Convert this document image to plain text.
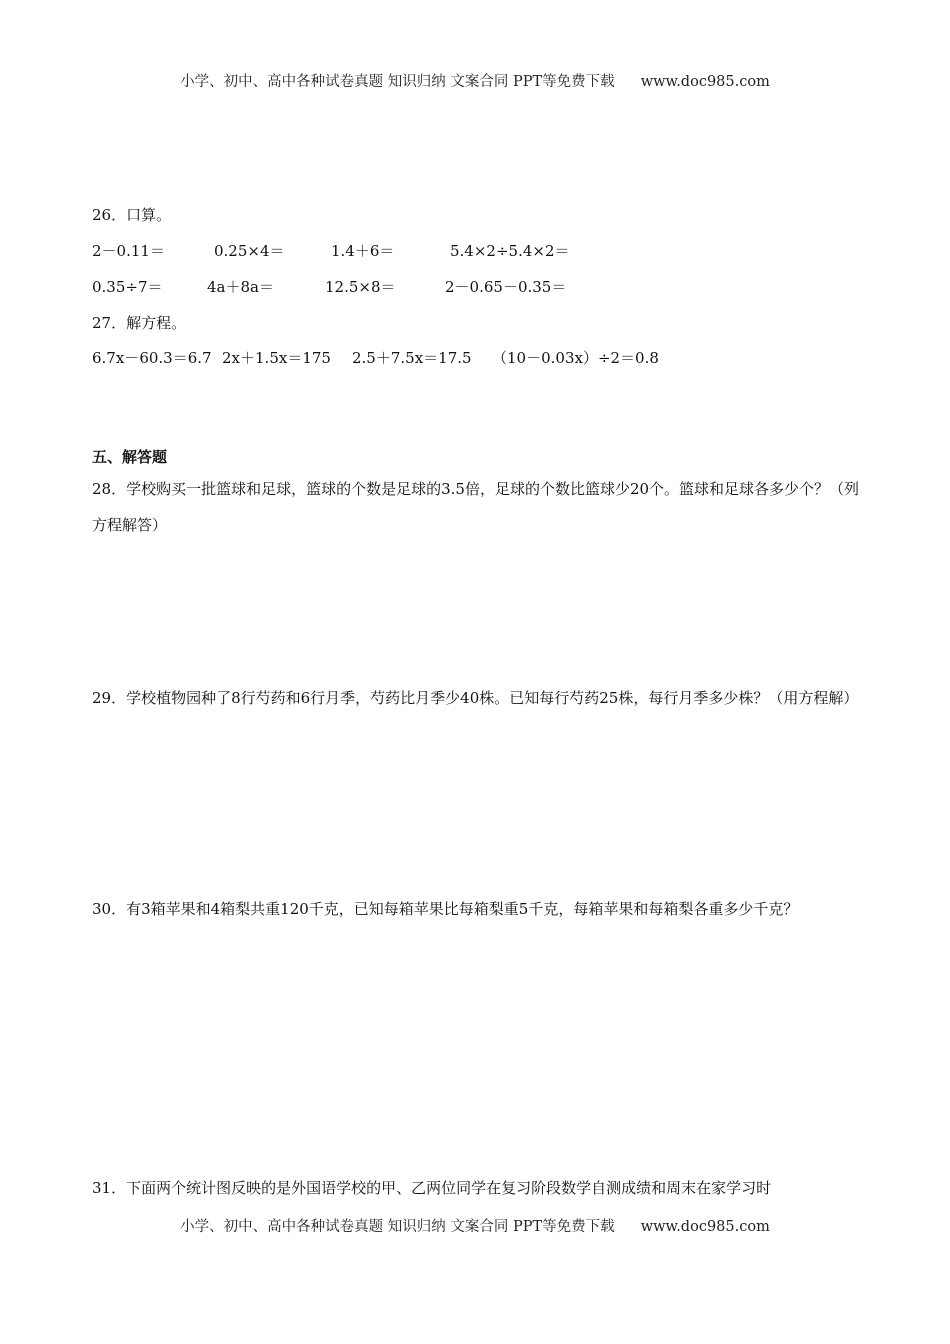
小学、初中、高中各种试卷真题 知识归纳 文案合同 PPT等免费下载 www.doc985.com
26．口算。
2－0.11＝	0.25×4＝	1.4＋6＝	5.4×2÷5.4×2＝
0.35÷7＝	4a＋8a＝	12.5×8＝	2－0.65－0.35＝
27．解方程。
6.7x－60.3＝6.7 2x＋1.5x＝175 2.5＋7.5x＝17.5 （10－0.03x）÷2＝0.8
五、解答题
28．学校购买一批篮球和足球，篮球的个数是足球的3.5倍，足球的个数比篮球少20个。篮球和足球各多少个？（列方程解答）
29．学校植物园种了8行芍药和6行月季，芍药比月季少40株。已知每行芍药25株，每行月季多少株？（用方程解）
30．有3箱苹果和4箱梨共重120千克，已知每箱苹果比每箱梨重5千克，每箱苹果和每箱梨各重多少千克？
31．下面两个统计图反映的是外国语学校的甲、乙两位同学在复习阶段数学自测成绩和周末在家学习时
小学、初中、高中各种试卷真题 知识归纳 文案合同 PPT等免费下载 www.doc985.com
